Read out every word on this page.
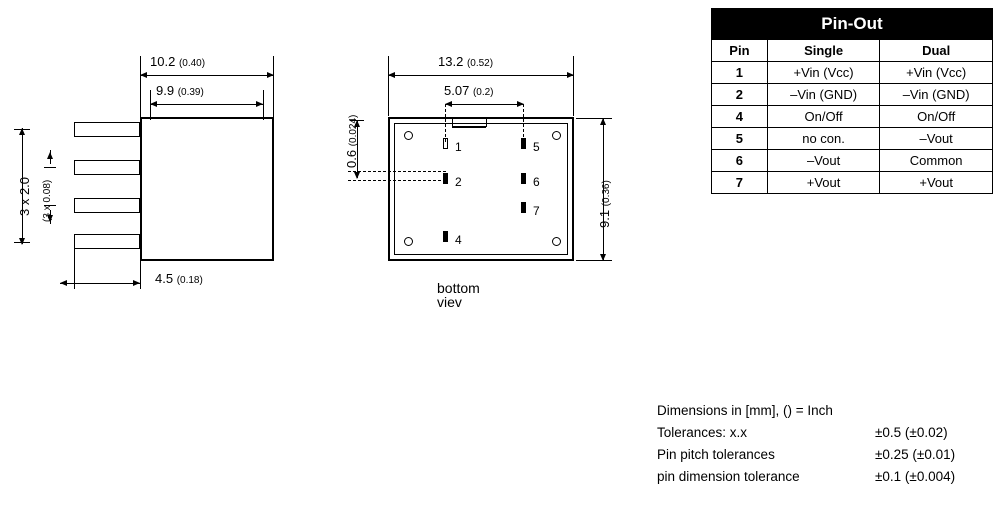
10.2 (0.40)
9.9 (0.39)
3 x 2.0 (3 x 0.08)
4.5 (0.18)
1	5
2	6
7
4
13.2 (0.52)
5.07 (0.2)
0.6 (0.024)
9.1 (0.36)
bottom viev
Pin-Out		
Pin	Single	Dual
1	+Vin (Vcc)	+Vin (Vcc)
2	–Vin (GND)	–Vin (GND)
4	On/Off	On/Off
5	no con.	–Vout
6	–Vout	Common
7	+Vout	+Vout
Dimensions in [mm], () = Inch
Tolerances: x.x	±0.5 (±0.02)
Pin pitch tolerances	±0.25 (±0.01)
pin dimension tolerance	±0.1 (±0.004)
